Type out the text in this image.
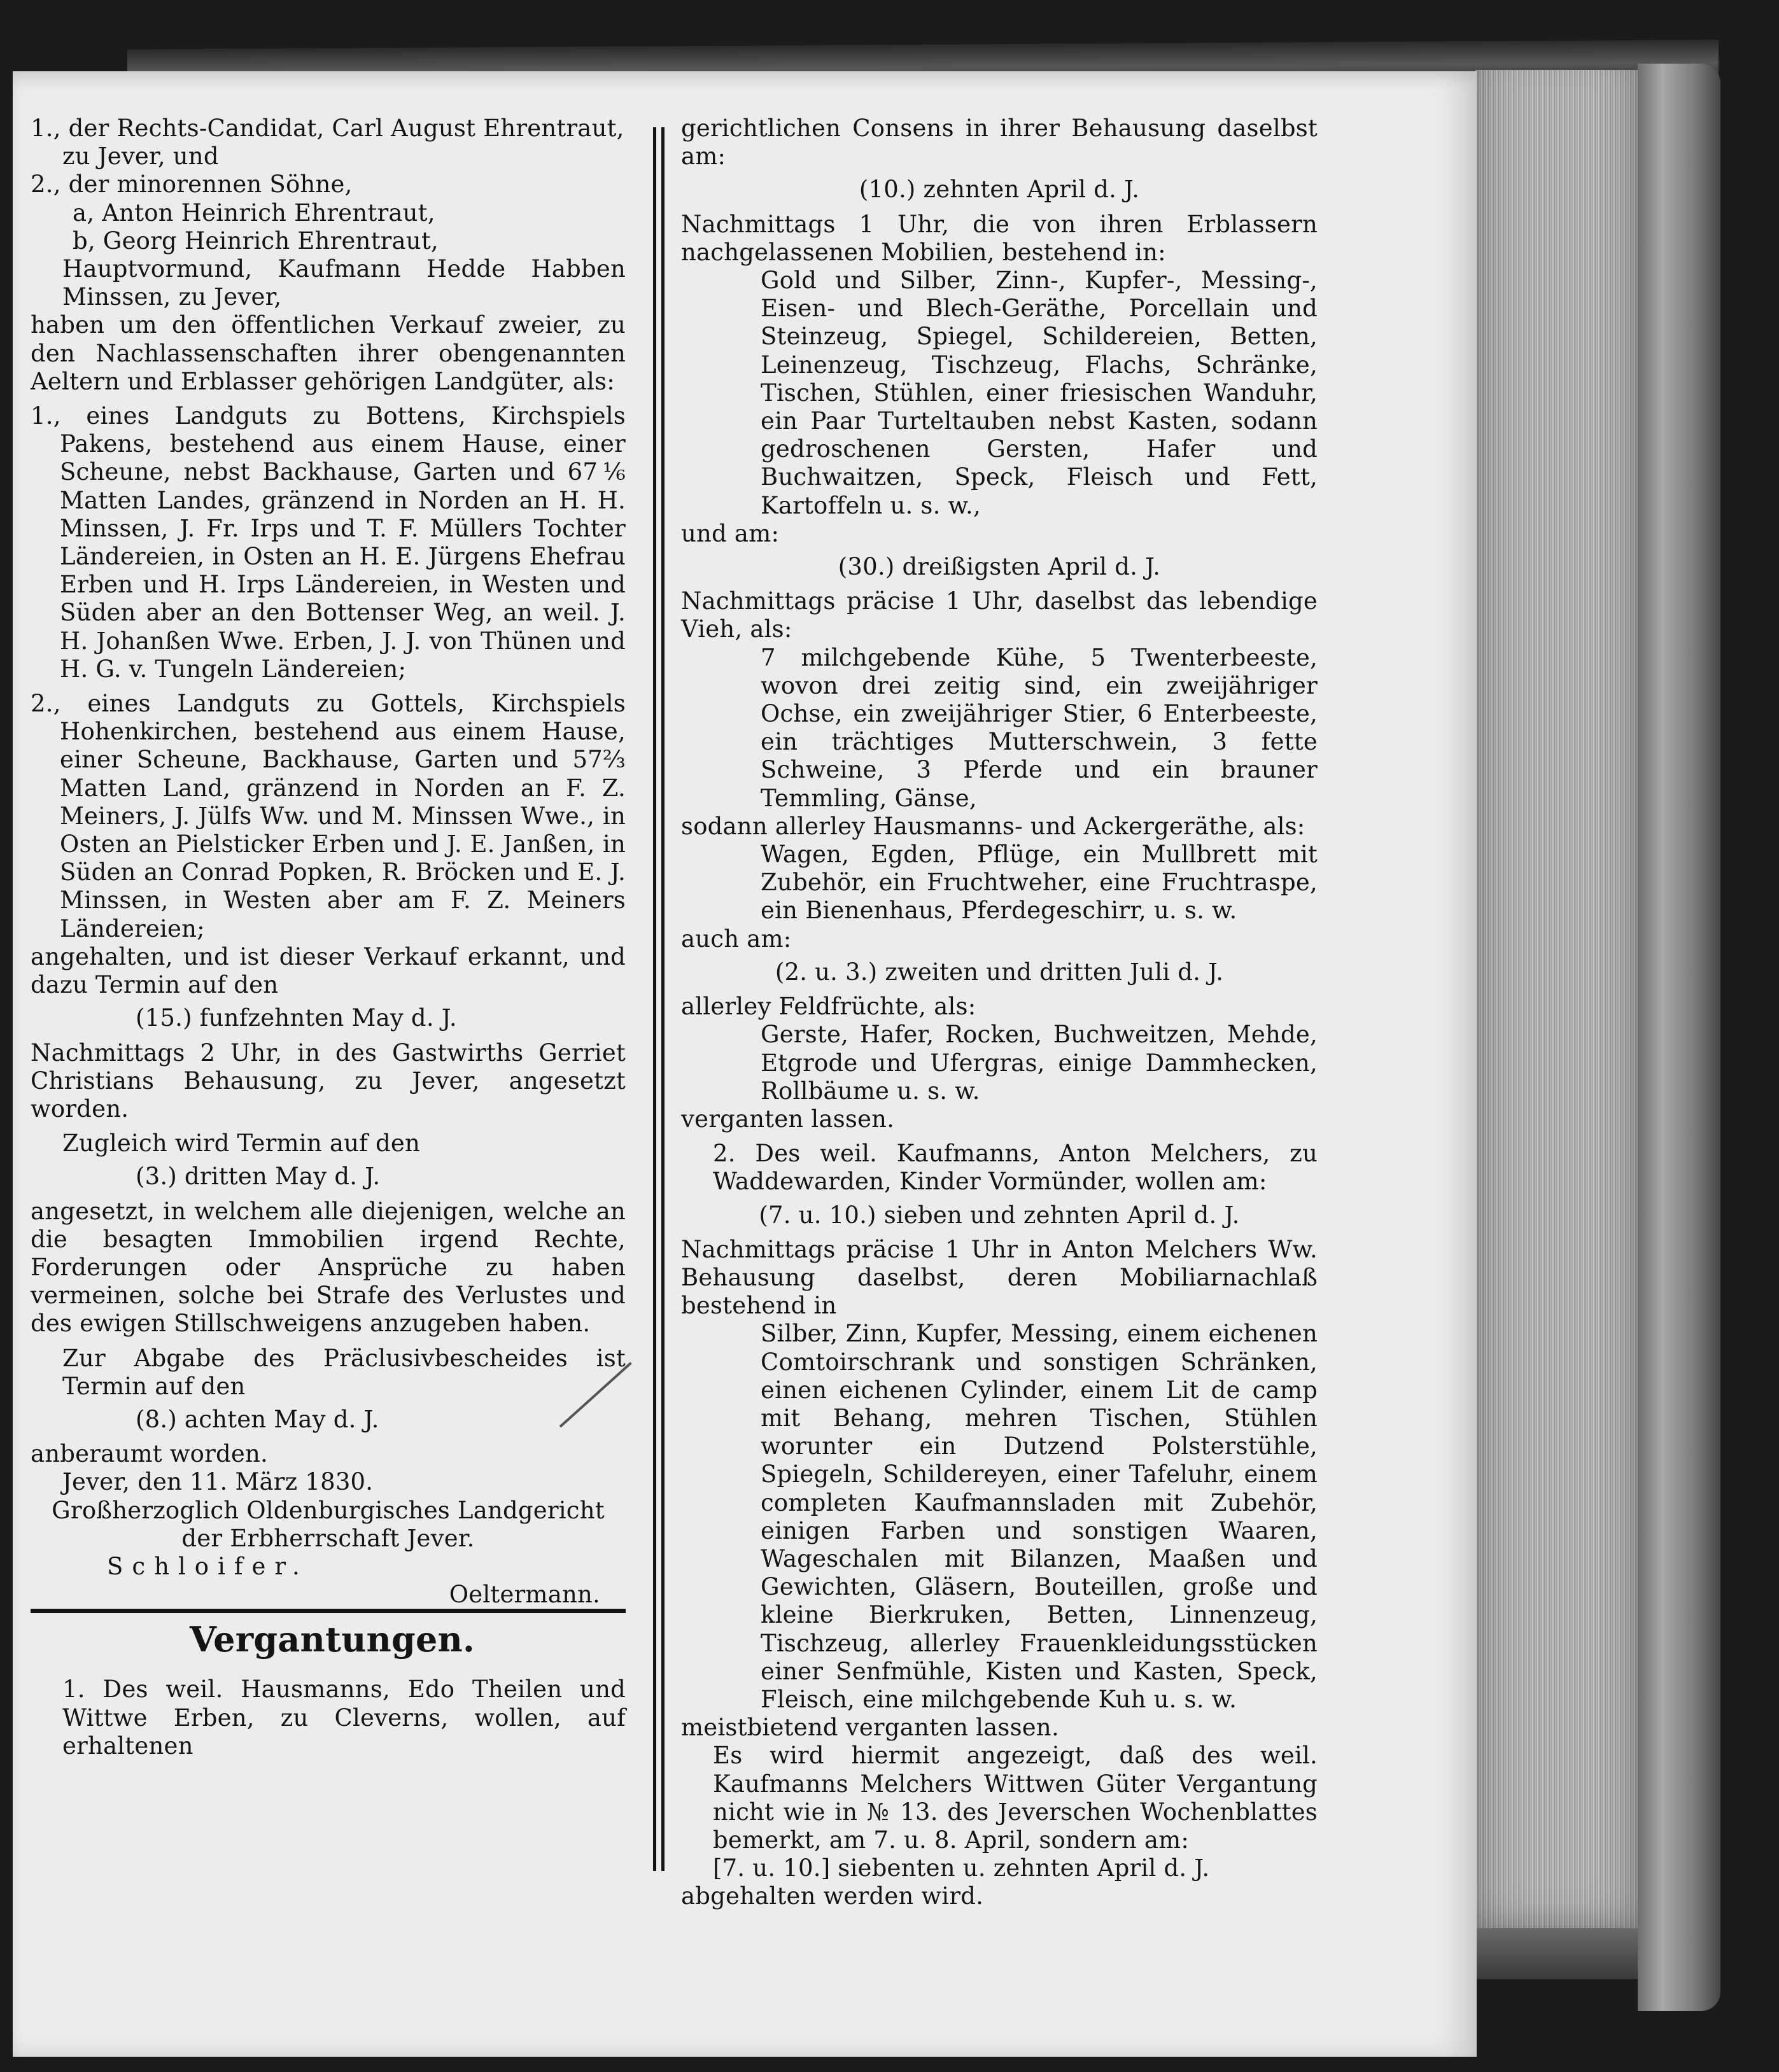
1., der Rechts-Candidat, Carl August Ehrentraut,

zu Jever, und

2., der minorennen Söhne,

a, Anton Heinrich Ehrentraut,

b, Georg Heinrich Ehrentraut,

Hauptvormund, Kaufmann Hedde Habben Minssen, zu Jever,

haben um den öffentlichen Verkauf zweier, zu den Nachlassenschaften ihrer obengenannten Aeltern und Erblasser gehörigen Landgüter, als:

1., eines Landguts zu Bottens, Kirchspiels Pakens, bestehend aus einem Hause, einer Scheune, nebst Backhause, Garten und 67⅙ Matten Landes, gränzend in Norden an H. H. Minssen, J. Fr. Irps und T. F. Müllers Tochter Ländereien, in Osten an H. E. Jürgens Ehefrau Erben und H. Irps Ländereien, in Westen und Süden aber an den Bottenser Weg, an weil. J. H. Johanßen Wwe. Erben, J. J. von Thünen und H. G. v. Tungeln Ländereien;

2., eines Landguts zu Gottels, Kirchspiels Hohenkirchen, bestehend aus einem Hause, einer Scheune, Backhause, Garten und 57⅔ Matten Land, gränzend in Norden an F. Z. Meiners, J. Jülfs Ww. und M. Minssen Wwe., in Osten an Pielsticker Erben und J. E. Janßen, in Süden an Conrad Popken, R. Bröcken und E. J. Minssen, in Westen aber am F. Z. Meiners Ländereien;

angehalten, und ist dieser Verkauf erkannt, und dazu Termin auf den

(15.) funfzehnten May d. J.

Nachmittags 2 Uhr, in des Gastwirths Gerriet Christians Behausung, zu Jever, angesetzt worden.

Zugleich wird Termin auf den

(3.) dritten May d. J.

angesetzt, in welchem alle diejenigen, welche an die besagten Immobilien irgend Rechte, Forderungen oder Ansprüche zu haben vermeinen, solche bei Strafe des Verlustes und des ewigen Stillschweigens anzugeben haben.

Zur Abgabe des Präclusivbescheides ist Termin auf den

(8.) achten May d. J.

anberaumt worden.

Jever, den 11. März 1830.

Großherzoglich Oldenburgisches Landgericht

der Erbherrschaft Jever.

Schloifer.

Oeltermann.

Vergantungen.

1. Des weil. Hausmanns, Edo Theilen und Wittwe Erben, zu Cleverns, wollen, auf erhaltenen

gerichtlichen Consens in ihrer Behausung daselbst am:

(10.) zehnten April d. J.

Nachmittags 1 Uhr, die von ihren Erblassern nachgelassenen Mobilien, bestehend in:

Gold und Silber, Zinn-, Kupfer-, Messing-, Eisen- und Blech-Geräthe, Porcellain und Steinzeug, Spiegel, Schildereien, Betten, Leinenzeug, Tischzeug, Flachs, Schränke, Tischen, Stühlen, einer friesischen Wanduhr, ein Paar Turteltauben nebst Kasten, sodann gedroschenen Gersten, Hafer und Buchwaitzen, Speck, Fleisch und Fett, Kartoffeln u. s. w.,

und am:

(30.) dreißigsten April d. J.

Nachmittags präcise 1 Uhr, daselbst das lebendige Vieh, als:

7 milchgebende Kühe, 5 Twenterbeeste, wovon drei zeitig sind, ein zweijähriger Ochse, ein zweijähriger Stier, 6 Enterbeeste, ein trächtiges Mutterschwein, 3 fette Schweine, 3 Pferde und ein brauner Temmling, Gänse,

sodann allerley Hausmanns- und Ackergeräthe, als:

Wagen, Egden, Pflüge, ein Mullbrett mit Zubehör, ein Fruchtweher, eine Fruchtraspe, ein Bienenhaus, Pferdegeschirr, u. s. w.

auch am:

(2. u. 3.) zweiten und dritten Juli d. J.

allerley Feldfrüchte, als:

Gerste, Hafer, Rocken, Buchweitzen, Mehde, Etgrode und Ufergras, einige Dammhecken, Rollbäume u. s. w.

verganten lassen.

2. Des weil. Kaufmanns, Anton Melchers, zu Waddewarden, Kinder Vormünder, wollen am:

(7. u. 10.) sieben und zehnten April d. J.

Nachmittags präcise 1 Uhr in Anton Melchers Ww. Behausung daselbst, deren Mobiliarnachlaß bestehend in

Silber, Zinn, Kupfer, Messing, einem eichenen Comtoirschrank und sonstigen Schränken, einen eichenen Cylinder, einem Lit de camp mit Behang, mehren Tischen, Stühlen worunter ein Dutzend Polsterstühle, Spiegeln, Schildereyen, einer Tafeluhr, einem completen Kaufmannsladen mit Zubehör, einigen Farben und sonstigen Waaren, Wageschalen mit Bilanzen, Maaßen und Gewichten, Gläsern, Bouteillen, große und kleine Bierkruken, Betten, Linnenzeug, Tischzeug, allerley Frauenkleidungsstücken einer Senfmühle, Kisten und Kasten, Speck, Fleisch, eine milchgebende Kuh u. s. w.

meistbietend verganten lassen.

Es wird hiermit angezeigt, daß des weil. Kaufmanns Melchers Wittwen Güter Vergantung nicht wie in № 13. des Jeverschen Wochenblattes bemerkt, am 7. u. 8. April, sondern am:

[7. u. 10.] siebenten u. zehnten April d. J.

abgehalten werden wird.
